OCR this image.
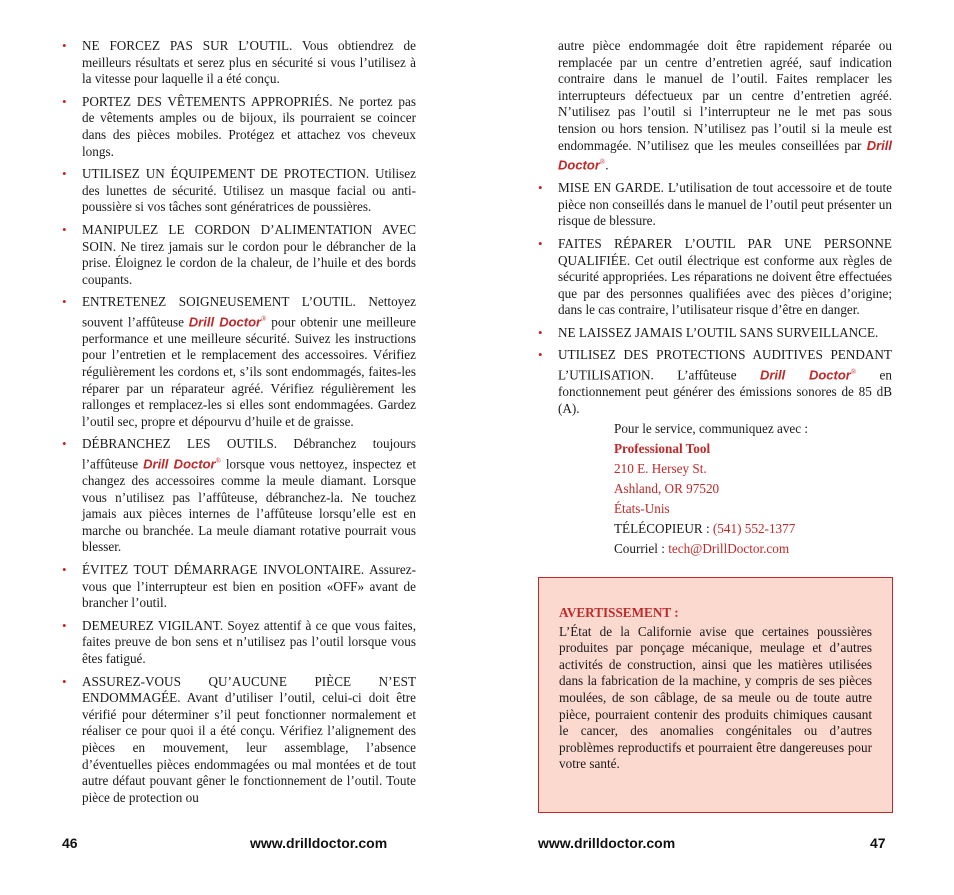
• NE FORCEZ PAS SUR L’OUTIL. Vous obtiendrez de meilleurs résultats et serez plus en sécurité si vous l’utilisez à la vitesse pour laquelle il a été conçu.
• PORTEZ DES VÊTEMENTS APPROPRIÉS. Ne portez pas de vêtements amples ou de bijoux, ils pourraient se coincer dans des pièces mobiles. Protégez et attachez vos cheveux longs.
• UTILISEZ UN ÉQUIPEMENT DE PROTECTION. Utilisez des lunettes de sécurité. Utilisez un masque facial ou anti-poussière si vos tâches sont génératrices de poussières.
• MANIPULEZ LE CORDON D’ALIMENTATION AVEC SOIN. Ne tirez jamais sur le cordon pour le débrancher de la prise. Éloignez le cordon de la chaleur, de l’huile et des bords coupants.
• ENTRETENEZ SOIGNEUSEMENT L’OUTIL. Nettoyez souvent l’affûteuse Drill Doctor® pour obtenir une meilleure performance et une meilleure sécurité. Suivez les instructions pour l’entretien et le remplacement des accessoires. Vérifiez régulièrement les cordons et, s’ils sont endommagés, faites-les réparer par un réparateur agréé. Vérifiez régulièrement les rallonges et remplacez-les si elles sont endommagées. Gardez l’outil sec, propre et dépourvu d’huile et de graisse.
• DÉBRANCHEZ LES OUTILS. Débranchez toujours l’affûteuse Drill Doctor® lorsque vous nettoyez, inspectez et changez des accessoires comme la meule diamant. Lorsque vous n’utilisez pas l’affûteuse, débranchez-la. Ne touchez jamais aux pièces internes de l’affûteuse lorsqu’elle est en marche ou branchée. La meule diamant rotative pourrait vous blesser.
• ÉVITEZ TOUT DÉMARRAGE INVOLONTAIRE. Assurez-vous que l’interrupteur est bien en position «OFF» avant de brancher l’outil.
• DEMEUREZ VIGILANT. Soyez attentif à ce que vous faites, faites preuve de bon sens et n’utilisez pas l’outil lorsque vous êtes fatigué.
• ASSUREZ-VOUS QU’AUCUNE PIÈCE N’EST ENDOMMAGÉE. Avant d’utiliser l’outil, celui-ci doit être vérifié pour déterminer s’il peut fonctionner normalement et réaliser ce pour quoi il a été conçu. Vérifiez l’alignement des pièces en mouvement, leur assemblage, l’absence d’éventuelles pièces endommagées ou mal montées et de tout autre défaut pouvant gêner le fonctionnement de l’outil. Toute pièce de protection ou
autre pièce endommagée doit être rapidement réparée ou remplacée par un centre d’entretien agréé, sauf indication contraire dans le manuel de l’outil. Faites remplacer les interrupteurs défectueux par un centre d’entretien agréé. N’utilisez pas l’outil si l’interrupteur ne le met pas sous tension ou hors tension. N’utilisez pas l’outil si la meule est endommagée. N’utilisez que les meules conseillées par Drill Doctor®.
• MISE EN GARDE. L’utilisation de tout accessoire et de toute pièce non conseillés dans le manuel de l’outil peut présenter un risque de blessure.
• FAITES RÉPARER L’OUTIL PAR UNE PERSONNE QUALIFIÉE. Cet outil électrique est conforme aux règles de sécurité appropriées. Les réparations ne doivent être effectuées que par des personnes qualifiées avec des pièces d’origine; dans le cas contraire, l’utilisateur risque d’être en danger.
• NE LAISSEZ JAMAIS L’OUTIL SANS SURVEILLANCE.
• UTILISEZ DES PROTECTIONS AUDITIVES PENDANT L’UTILISATION. L’affûteuse Drill Doctor® en fonctionnement peut générer des émissions sonores de 85 dB (A).
Pour le service, communiquez avec :
Professional Tool
210 E. Hersey St.
Ashland, OR 97520
États-Unis
TÉLÉCOPIEUR : (541) 552-1377
Courriel : tech@DrillDoctor.com
AVERTISSEMENT :
L’État de la Californie avise que certaines poussières produites par ponçage mécanique, meulage et d’autres activités de construction, ainsi que les matières utilisées dans la fabrication de la machine, y compris de ses pièces moulées, de son câblage, de sa meule ou de toute autre pièce, pourraient contenir des produits chimiques causant le cancer, des anomalies congénitales ou d’autres problèmes reproductifs et pourraient être dangereuses pour votre santé.
46	www.drilldoctor.com	www.drilldoctor.com	47
